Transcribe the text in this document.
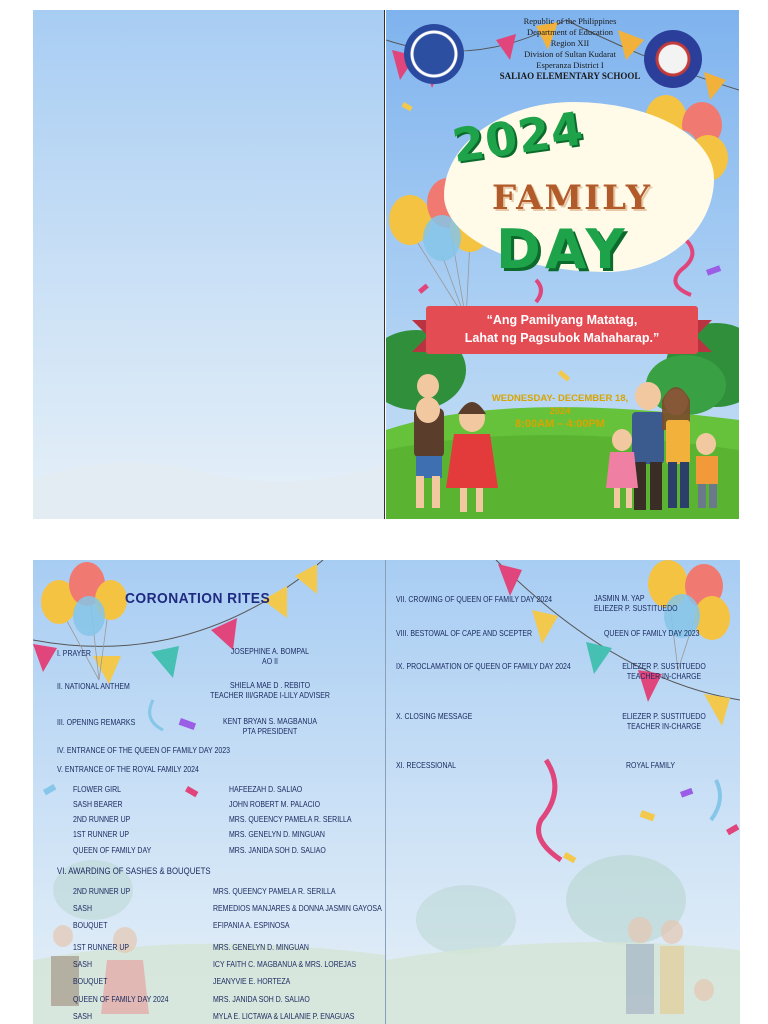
Republic of the Philippines
Department of Education
Region XII
Division of Sultan Kudarat
Esperanza District I
SALIAO ELEMENTARY SCHOOL
2024
FAMILY
DAY
“Ang Pamilyang Matatag,
Lahat ng Pagsubok Mahaharap.”
WEDNESDAY- DECEMBER 18, 2024
8:00AM – 4:00PM
CORONATION RITES
I. PRAYER	JOSEPHINE A. BOMPAL
AO II
II. NATIONAL ANTHEM	SHIELA MAE D . REBITO
TEACHER III/GRADE I-LILY ADVISER
III. OPENING REMARKS	KENT BRYAN S. MAGBANUA
PTA PRESIDENT
IV. ENTRANCE OF THE QUEEN OF FAMILY DAY 2023
V. ENTRANCE OF THE ROYAL FAMILY 2024
FLOWER GIRL	HAFEEZAH D. SALIAO
SASH BEARER	JOHN ROBERT M. PALACIO
2ND RUNNER UP	MRS. QUEENCY PAMELA R. SERILLA
1ST RUNNER UP	MRS. GENELYN D. MINGUAN
QUEEN OF FAMILY DAY	MRS. JANIDA SOH D. SALIAO
VI. AWARDING OF SASHES & BOUQUETS
2ND RUNNER UP	MRS. QUEENCY PAMELA R. SERILLA
SASH	REMEDIOS MANJARES & DONNA JASMIN GAYOSA
BOUQUET	EFIPANIA A. ESPINOSA
1ST RUNNER UP	MRS. GENELYN D. MINGUAN
SASH	ICY FAITH C. MAGBANUA & MRS. LOREJAS
BOUQUET	JEANYVIE E. HORTEZA
QUEEN OF FAMILY DAY 2024	MRS. JANIDA SOH D. SALIAO
SASH	MYLA E. LICTAWA & LAILANIE P. ENAGUAS
VII. CROWING OF QUEEN OF FAMILY DAY 2024	JASMIN M. YAP
ELIEZER P. SUSTITUEDO
VIII. BESTOWAL OF CAPE AND SCEPTER	QUEEN OF FAMILY DAY 2023
IX. PROCLAMATION OF QUEEN OF FAMILY DAY 2024	ELIEZER P. SUSTITUEDO
TEACHER IN-CHARGE
X. CLOSING MESSAGE	ELIEZER P. SUSTITUEDO
TEACHER IN-CHARGE
XI. RECESSIONAL	ROYAL FAMILY
